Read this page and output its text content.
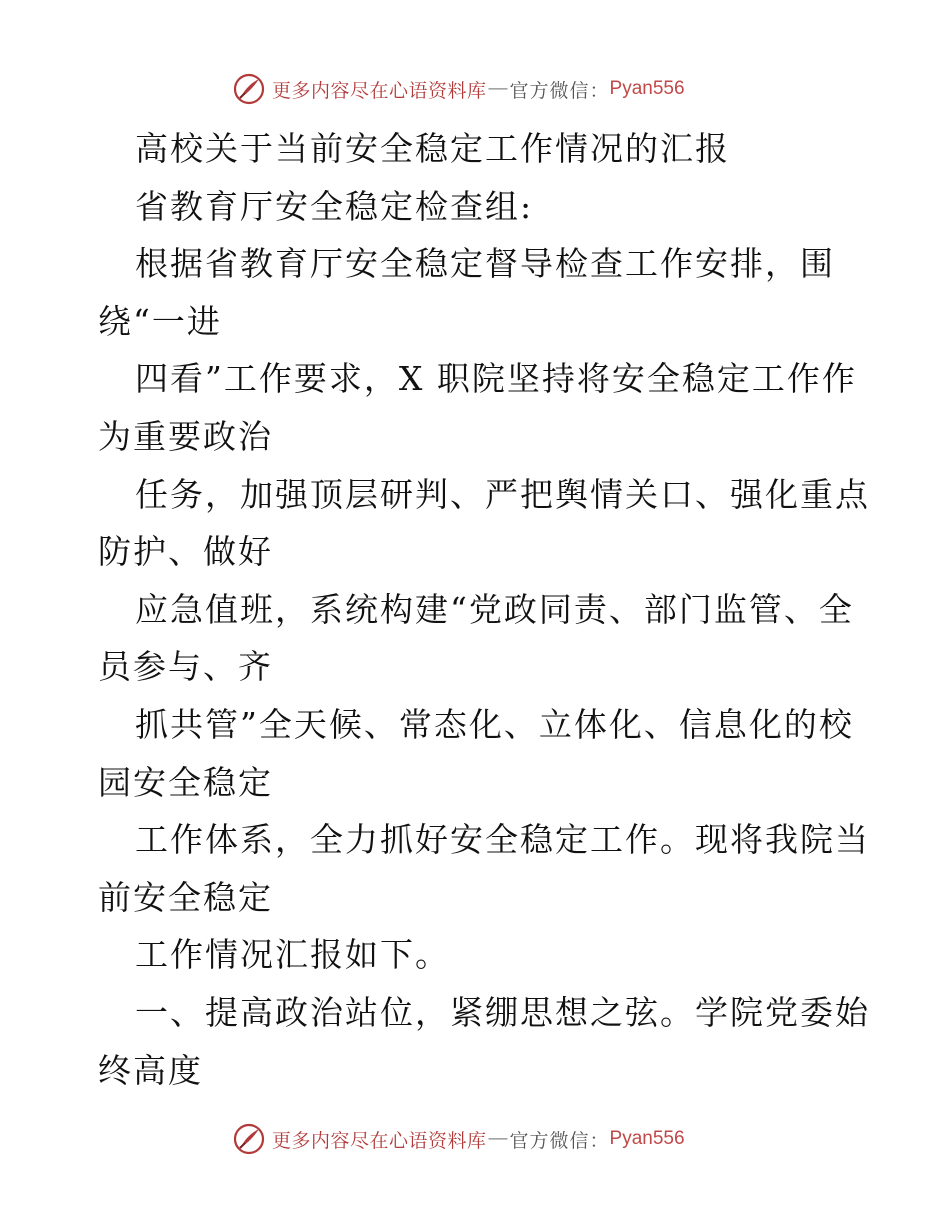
更多内容尽在心语资料库 — 官方微信： Pyan556
高校关于当前安全稳定工作情况的汇报
省教育厅安全稳定检查组:
根据省教育厅安全稳定督导检查工作安排，围
绕“一进
四看”工作要求，X 职院坚持将安全稳定工作作
为重要政治
任务，加强顶层研判、严把舆情关口、强化重点
防护、做好
应急值班，系统构建“党政同责、部门监管、全
员参与、齐
抓共管”全天候、常态化、立体化、信息化的校
园安全稳定
工作体系，全力抓好安全稳定工作。现将我院当
前安全稳定
工作情况汇报如下。
一、提高政治站位，紧绷思想之弦。学院党委始
终高度
更多内容尽在心语资料库 — 官方微信： Pyan556
